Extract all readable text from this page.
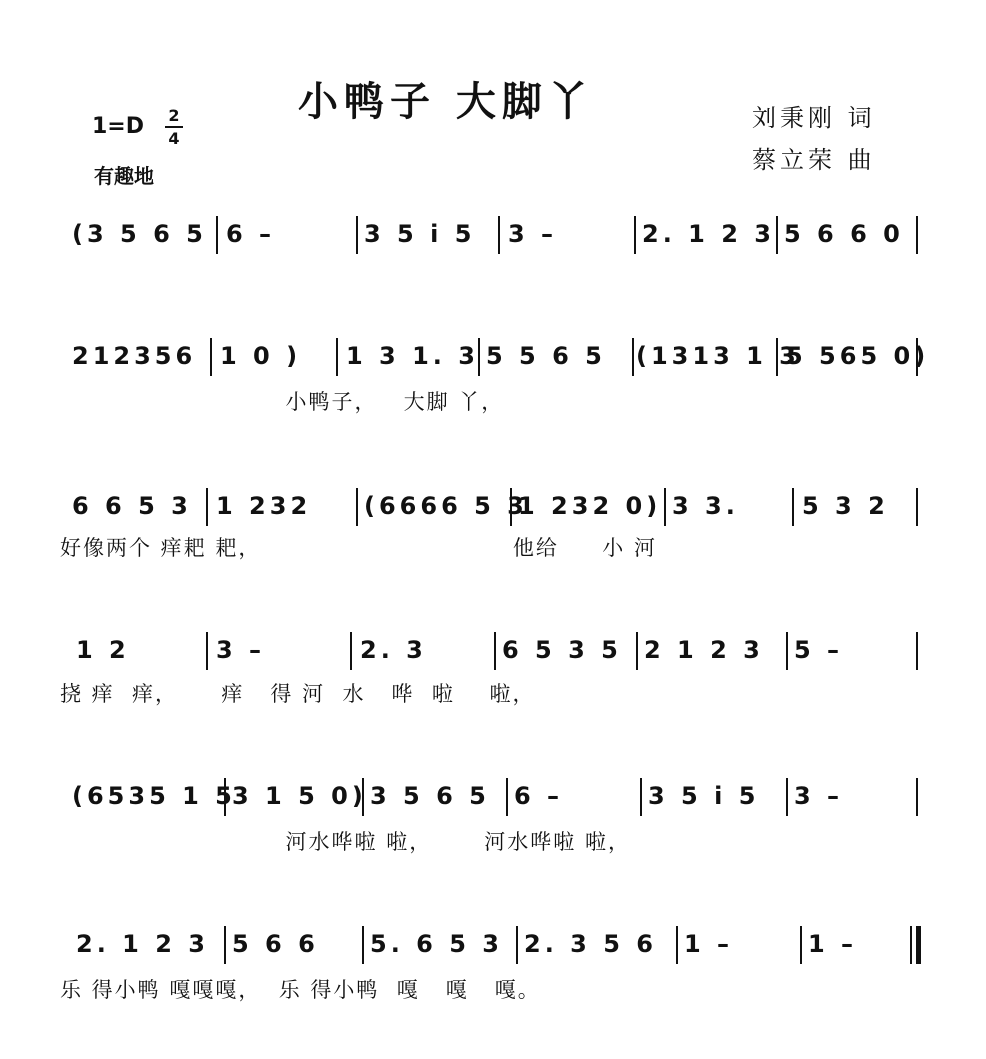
小鸭子 大脚丫	刘秉刚 词
蔡立荣 曲
1=D 2
4
有趣地
(3 5 6 5 6 –	3 5 i 5 3 –	2. 1 2 3 5 6 6 0
212356 1 0 ) 1 3 1. 3 5 5 6 5 (1313 1 3
5 565 0)
小鸭子，   大脚 丫，
6 6 5 3 1 232 (6666 5 3
1 232 0) 3 3.	5 3 2
好像两个 痒耙 耙，                             他给     小 河
1 2	3 –	2. 3	6 5 3 5 2 1 2 3 5 –
挠 痒  痒，     痒   得 河  水   哗  啦    啦，
(6535 1 5
3 1 5 0) 3 5 6 5 6 –	3 5 i 5 3 –
河水哗啦 啦，      河水哗啦 啦，
2. 1 2 3 5 6 6 5. 6 5 3 2. 3 5 6 1 –	1 –
乐 得小鸭 嘎嘎嘎，  乐 得小鸭  嘎   嘎   嘎。
